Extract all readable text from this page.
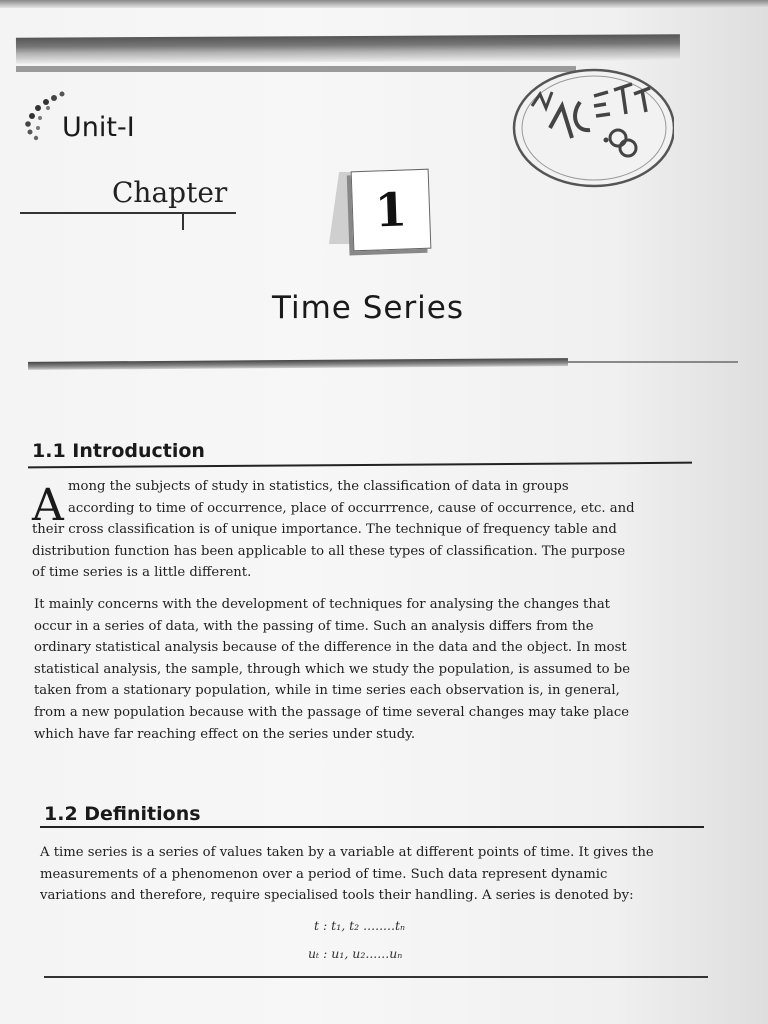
Unit-I
Chapter	1
Time Series
1.1 Introduction
A mong the subjects of study in statistics, the classification of data in groups
according to time of occurrence, place of occurrrence, cause of occurrence, etc. and
their cross classification is of unique importance. The technique of frequency table and
distribution function has been applicable to all these types of classification. The purpose
of time series is a little different.
It mainly concerns with the development of techniques for analysing the changes that
occur in a series of data, with the passing of time. Such an analysis differs from the
ordinary statistical analysis because of the difference in the data and the object. In most
statistical analysis, the sample, through which we study the population, is assumed to be
taken from a stationary population, while in time series each observation is, in general,
from a new population because with the passage of time several changes may take place
which have far reaching effect on the series under study.
1.2 Definitions
A time series is a series of values taken by a variable at different points of time. It gives the
measurements of a phenomenon over a period of time. Such data represent dynamic
variations and therefore, require specialised tools their handling. A series is denoted by:
t : t₁, t₂ ........tₙ
uₜ : u₁, u₂......uₙ
